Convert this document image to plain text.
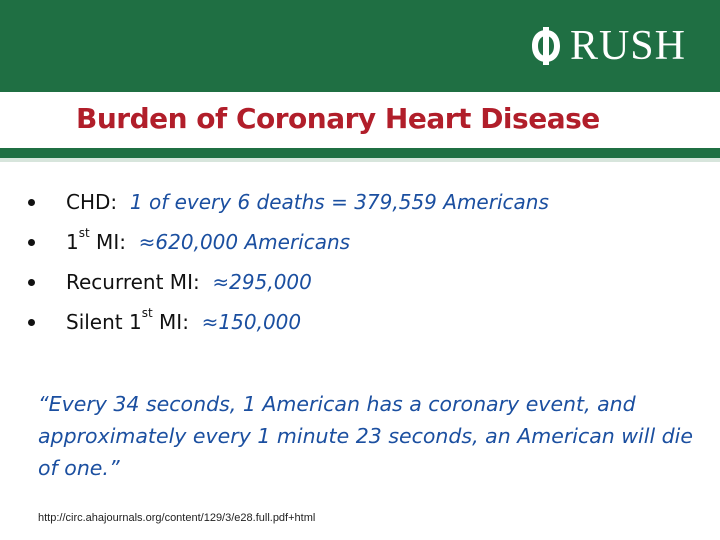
RUSH
Burden of Coronary Heart Disease
CHD: 1 of every 6 deaths = 379,559 Americans
1st MI: ≈620,000 Americans
Recurrent MI: ≈295,000
Silent 1st MI: ≈150,000
“Every 34 seconds, 1 American has a coronary event, and approximately every 1 minute 23 seconds, an American will die of one.”
http://circ.ahajournals.org/content/129/3/e28.full.pdf+html
